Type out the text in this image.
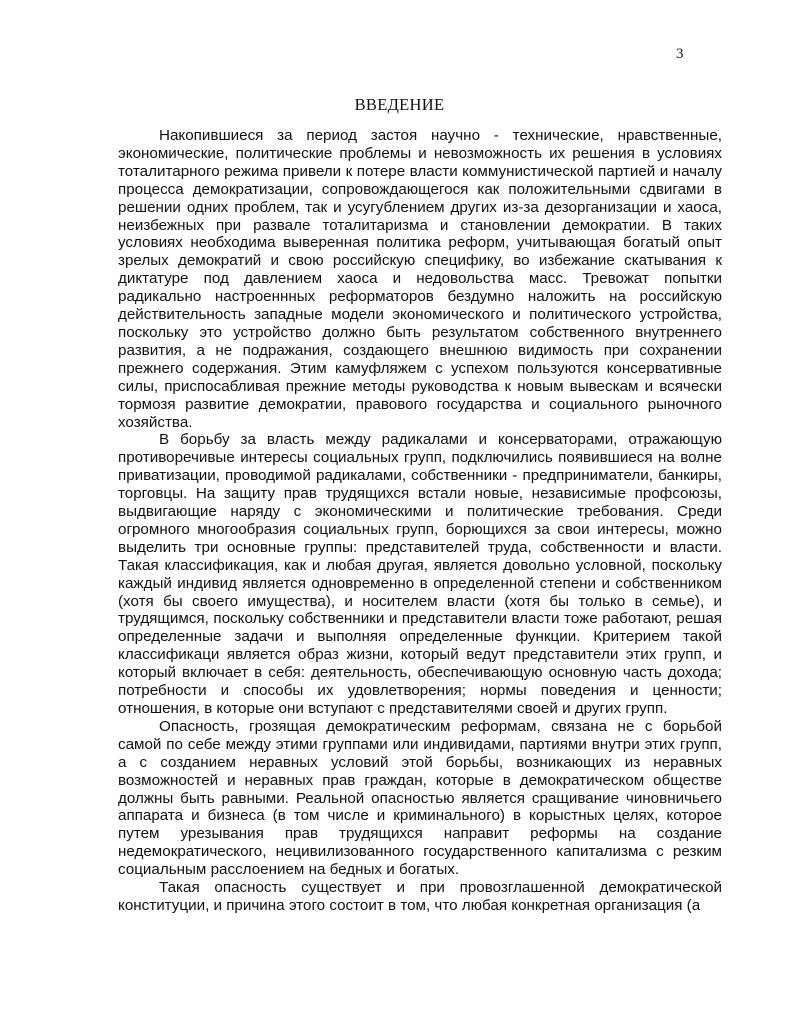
3
ВВЕДЕНИЕ

Накопившиеся за период застоя научно - технические, нравственные, экономические, политические проблемы и невозможность их решения в условиях тоталитарного режима привели к потере власти коммунистической партией и началу процесса демократизации, сопровождающегося как положительными сдвигами в решении одних проблем, так и усугублением других из-за дезорганизации и хаоса, неизбежных при развале тоталитаризма и становлении демократии. В таких условиях необходима выверенная политика реформ, учитывающая богатый опыт зрелых демократий и свою российскую специфику, во избежание скатывания к диктатуре под давлением хаоса и недовольства масс. Тревожат попытки радикально настроеннных реформаторов бездумно наложить на российскую действительность западные модели экономического и политического устройства, поскольку это устройство должно быть результатом собственного внутреннего развития, а не подражания, создающего внешнюю видимость при сохранении прежнего содержания. Этим камуфляжем с успехом пользуются консервативные силы, приспосабливая прежние методы руководства к новым вывескам и всячески тормозя развитие демократии, правового государства и социального рыночного хозяйства.

В борьбу за власть между радикалами и консерваторами, отражающую противоречивые интересы социальных групп, подключились появившиеся на волне приватизации, проводимой радикалами, собственники - предприниматели, банкиры, торговцы. На защиту прав трудящихся встали новые, независимые профсоюзы, выдвигающие наряду с экономическими и политические требования. Среди огромного многообразия социальных групп, борющихся за свои интересы, можно выделить три основные группы: представителей труда, собственности и власти. Такая классификация, как и любая другая, является довольно условной, поскольку каждый индивид является одновременно в определенной степени и собственником (хотя бы своего имущества), и носителем власти (хотя бы только в семье), и трудящимся, поскольку собственники и представители власти тоже работают, решая определенные задачи и выполняя определенные функции. Критерием такой классификаци является образ жизни, который ведут представители этих групп, и который включает в себя: деятельность, обеспечивающую основную часть дохода; потребности и способы их удовлетворения; нормы поведения и ценности; отношения, в которые они вступают с представителями своей и других групп.

Опасность, грозящая демократическим реформам, связана не с борьбой самой по себе между этими группами или индивидами, партиями внутри этих групп, а с созданием неравных условий этой борьбы, возникающих из неравных возможностей и неравных прав граждан, которые в демократическом обществе должны быть равными. Реальной опасностью является сращивание чиновничьего аппарата и бизнеса (в том числе и криминального) в корыстных целях, которое путем урезывания прав трудящихся направит реформы на создание недемократического, нецивилизованного государственного капитализма с резким социальным расслоением на бедных и богатых.

Такая опасность существует и при провозглашенной демократической конституции, и причина этого состоит в том, что любая конкретная организация (а
